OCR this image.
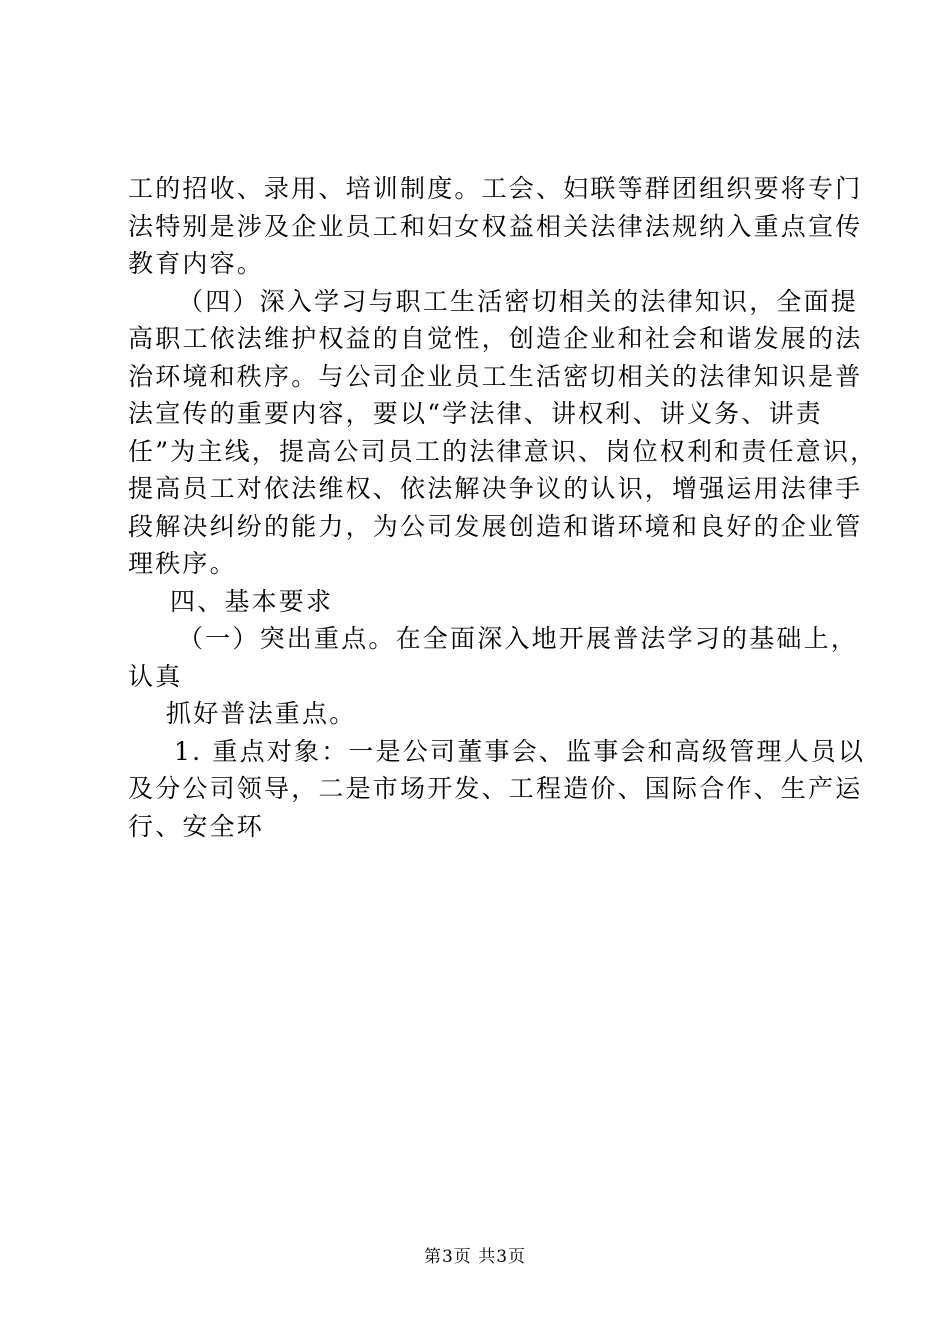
工的招收、录用、培训制度。工会、妇联等群团组织要将专门
法特别是涉及企业员工和妇女权益相关法律法规纳入重点宣传
教育内容。
（四）深入学习与职工生活密切相关的法律知识，全面提
高职工依法维护权益的自觉性，创造企业和社会和谐发展的法
治环境和秩序。与公司企业员工生活密切相关的法律知识是普
法宣传的重要内容，要以“学法律、讲权利、讲义务、讲责
任”为主线，提高公司员工的法律意识、岗位权利和责任意识，
提高员工对依法维权、依法解决争议的认识，增强运用法律手
段解决纠纷的能力，为公司发展创造和谐环境和良好的企业管
理秩序。
四、基本要求
（一）突出重点。在全面深入地开展普法学习的基础上，
认真
抓好普法重点。
1. 重点对象：一是公司董事会、监事会和高级管理人员以
及分公司领导，二是市场开发、工程造价、国际合作、生产运
行、安全环
第3页 共3页
